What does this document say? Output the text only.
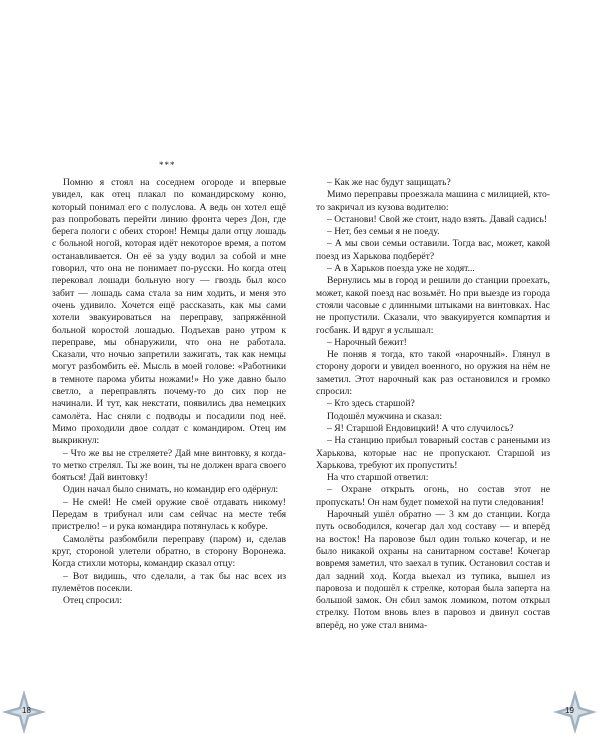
***

Помню я стоял на соседнем огороде и впервые увидел, как отец плакал по командирскому коню, который понимал его с полуслова. А ведь он хотел ещё раз попробовать перейти линию фронта через Дон, где берега пологи с обеих сторон! Немцы дали отцу лошадь с больной ногой, которая идёт некоторое время, а потом останавливается. Он её за узду водил за собой и мне говорил, что она не понимает по-русски. Но когда отец перековал лошади больную ногу — гвоздь был косо забит — лошадь сама стала за ним ходить, и меня это очень удивило. Хочется ещё рассказать, как мы сами хотели эвакуироваться на переправу, запряжённой больной коростой лошадью. Подъехав рано утром к переправе, мы обнаружили, что она не работала. Сказали, что ночью запретили зажигать, так как немцы могут разбомбить её. Мысль в моей голове: «Работники в темноте парома убиты ножами!» Но уже давно было светло, а переправлять почему-то до сих пор не начинали. И тут, как некстати, появились два немецких самолёта. Нас сняли с подводы и посадили под неё. Мимо проходили двое солдат с командиром. Отец им выкрикнул:

– Что же вы не стреляете? Дай мне винтовку, я когда-то метко стрелял. Ты же воин, ты не должен врага своего бояться! Дай винтовку!

Один начал было снимать, но командир его одёрнул:

– Не смей! Не смей оружие своё отдавать никому! Передам в трибунал или сам сейчас на месте тебя пристрелю! – и рука командира потянулась к кобуре.

Самолёты разбомбили переправу (паром) и, сделав круг, стороной улетели обратно, в сторону Воронежа. Когда стихли моторы, командир сказал отцу:

– Вот видишь, что сделали, а так бы нас всех из пулемётов посекли.

Отец спросил:

– Как же нас будут защищать?

Мимо переправы проезжала машина с милицией, кто-то закричал из кузова водителю:

– Останови! Свой же стоит, надо взять. Давай садись!

– Нет, без семьи я не поеду.

– А мы свои семьи оставили. Тогда вас, может, какой поезд из Харькова подберёт?

– А в Харьков поезда уже не ходят...

Вернулись мы в город и решили до станции проехать, может, какой поезд нас возьмёт. Но при выезде из города стояли часовые с длинными штыками на винтовках. Нас не пропустили. Сказали, что эвакуируется компартия и госбанк. И вдруг я услышал:

– Нарочный бежит!

Не поняв я тогда, кто такой «нарочный». Глянул в сторону дороги и увидел военного, но оружия на нём не заметил. Этот нарочный как раз остановился и громко спросил:

– Кто здесь старшой?

Подошёл мужчина и сказал:

– Я! Старшой Ендовицкий! А что случилось?

– На станцию прибыл товарный состав с ранеными из Харькова, которые нас не пропускают. Старшой из Харькова, требуют их пропустить!

На что старшой ответил:

– Охране открыть огонь, но состав этот не пропускать! Он нам будет помехой на пути следования!

Нарочный ушёл обратно — 3 км до станции. Когда путь освободился, кочегар дал ход составу — и вперёд на восток! На паровозе был один только кочегар, и не было никакой охраны на санитарном составе! Кочегар вовремя заметил, что заехал в тупик. Остановил состав и дал задний ход. Когда выехал из тупика, вышел из паровоза и подошёл к стрелке, которая была заперта на большой замок. Он сбил замок ломиком, потом открыл стрелку. Потом вновь влез в паровоз и двинул состав вперёд, но уже стал внима-

18	19
